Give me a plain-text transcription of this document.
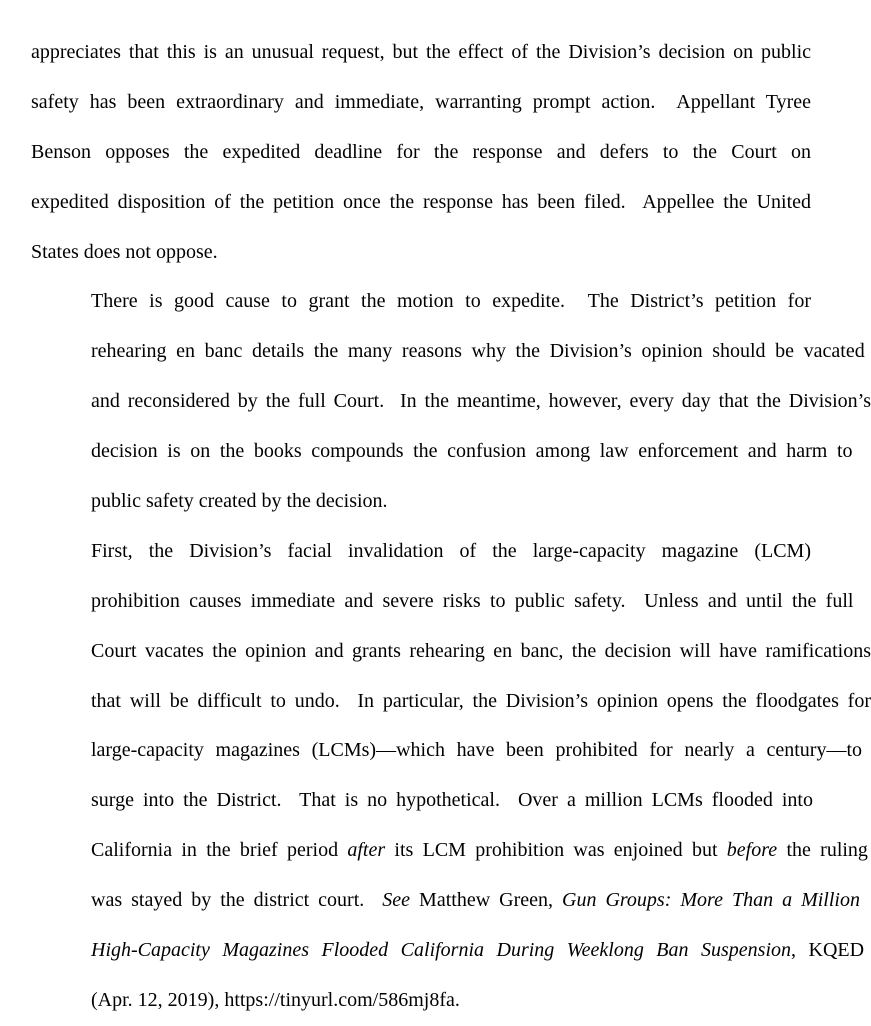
appreciates that this is an unusual request, but the effect of the Division’s decision on public
safety has been extraordinary and immediate, warranting prompt action.  Appellant Tyree
Benson opposes the expedited deadline for the response and defers to the Court on
expedited disposition of the petition once the response has been filed.  Appellee the United
States does not oppose.
There is good cause to grant the motion to expedite.  The District’s petition for
rehearing en banc details the many reasons why the Division’s opinion should be vacated
and reconsidered by the full Court.  In the meantime, however, every day that the Division’s
decision is on the books compounds the confusion among law enforcement and harm to
public safety created by the decision.
First, the Division’s facial invalidation of the large-capacity magazine (LCM)
prohibition causes immediate and severe risks to public safety.  Unless and until the full
Court vacates the opinion and grants rehearing en banc, the decision will have ramifications
that will be difficult to undo.  In particular, the Division’s opinion opens the floodgates for
large-capacity magazines (LCMs)—which have been prohibited for nearly a century—to
surge into the District.  That is no hypothetical.  Over a million LCMs flooded into
California in the brief period after its LCM prohibition was enjoined but before the ruling
was stayed by the district court.  See Matthew Green, Gun Groups: More Than a Million
High-Capacity Magazines Flooded California During Weeklong Ban Suspension, KQED
(Apr. 12, 2019), https://tinyurl.com/586mj8fa.
